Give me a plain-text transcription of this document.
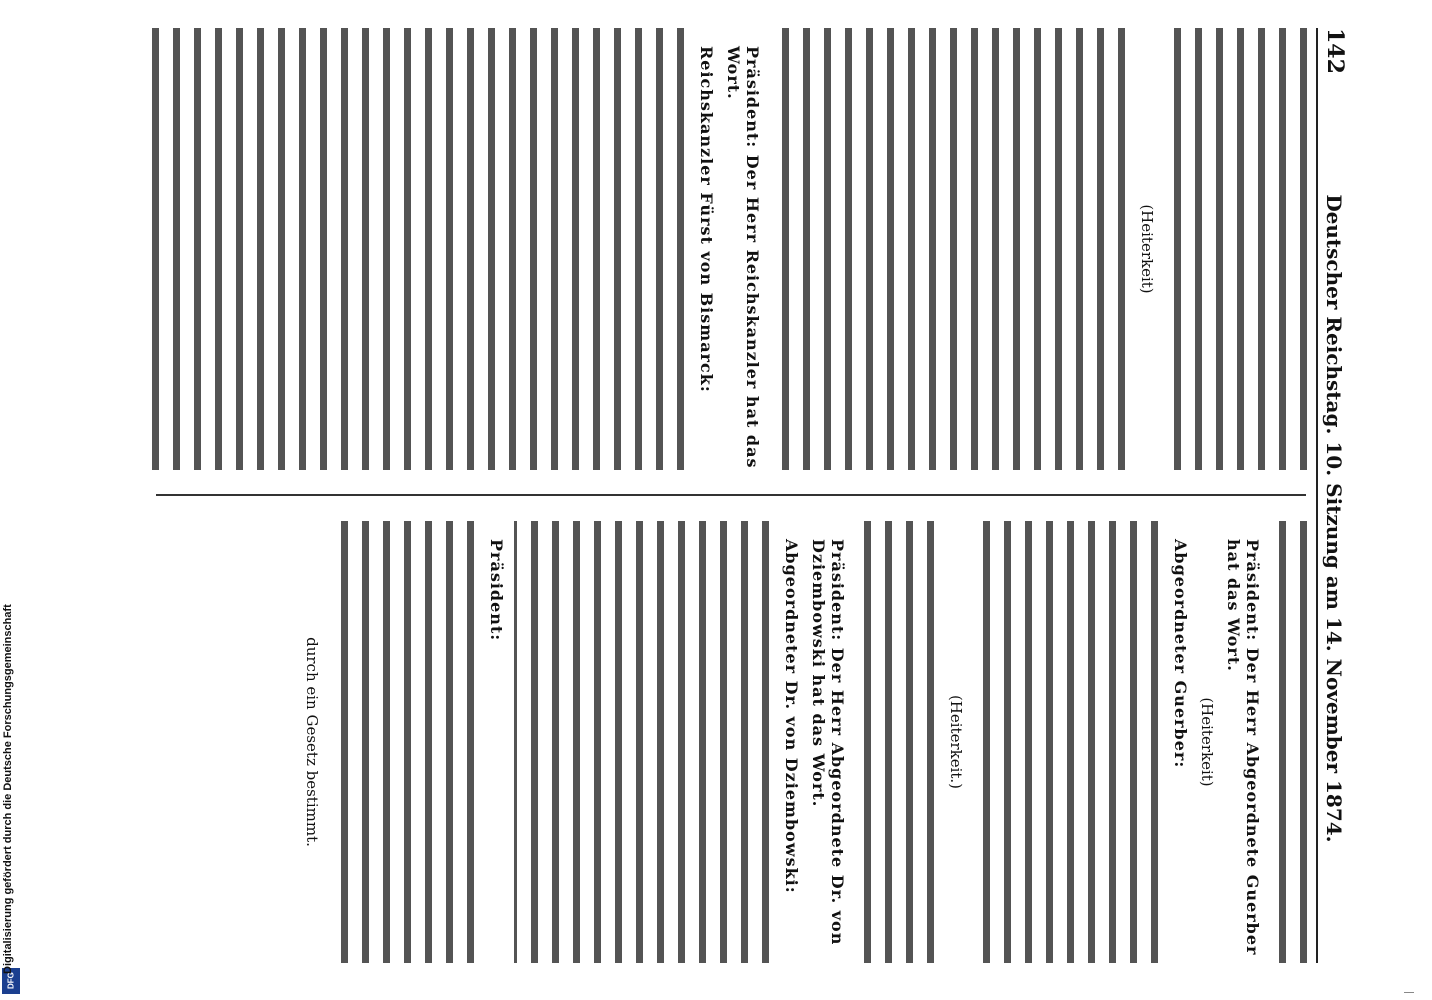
DFG
Digitalisierung gefördert durch die Deutsche Forschungsgemeinschaft
142
Deutscher Reichstag. 10. Sitzung am 14. November 1874.
(Heiterkeit)
Präsident: Der Herr Reichskanzler hat das Wort.
Reichskanzler Fürst von Bismarck:
Präsident: Der Herr Abgeordnete Guerber hat das Wort.
(Heiterkeit)
Abgeordneter Guerber:
(Heiterkeit.)
Präsident: Der Herr Abgeordnete Dr. von Dziembowski hat das Wort.
Abgeordneter Dr. von Dziembowski:
Präsident:
durch ein Gesetz bestimmt.
